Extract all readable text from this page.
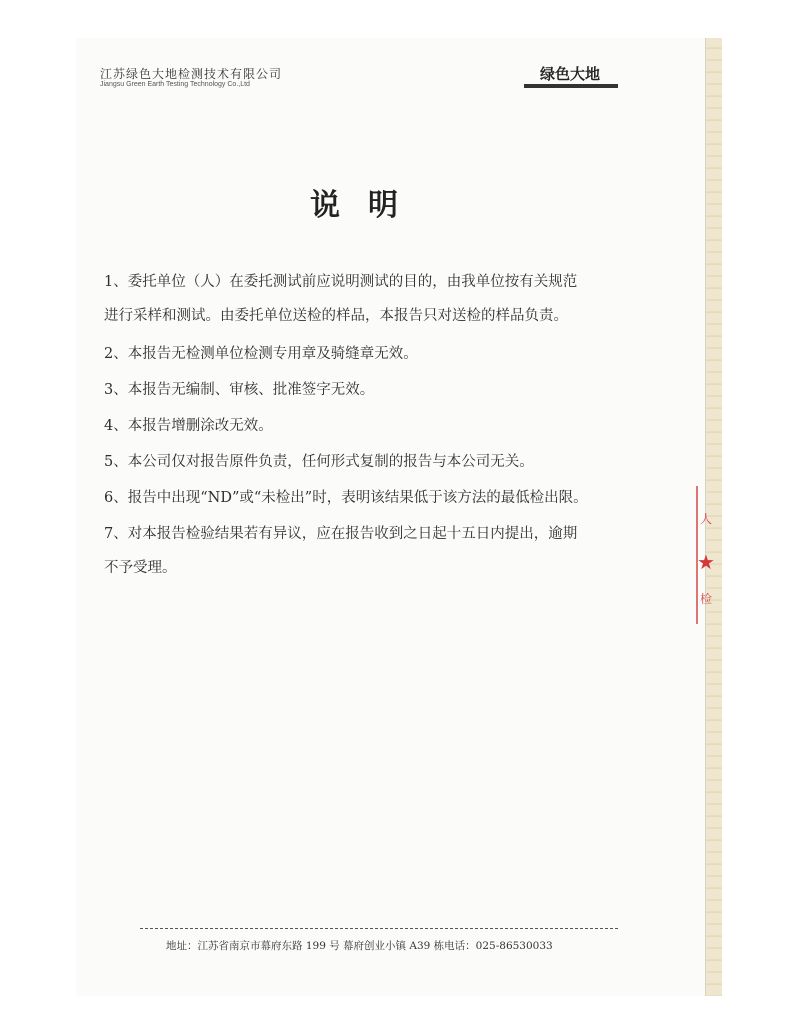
江苏绿色大地检测技术有限公司
Jiangsu Green Earth Testing Technology Co.,Ltd
绿色大地
说明
1、委托单位（人）在委托测试前应说明测试的目的，由我单位按有关规范
进行采样和测试。由委托单位送检的样品，本报告只对送检的样品负责。
2、本报告无检测单位检测专用章及骑缝章无效。
3、本报告无编制、审核、批准签字无效。
4、本报告增删涂改无效。
5、本公司仅对报告原件负责，任何形式复制的报告与本公司无关。
6、报告中出现“ND”或“未检出”时，表明该结果低于该方法的最低检出限。
7、对本报告检验结果若有异议，应在报告收到之日起十五日内提出，逾期
不予受理。
人
★
检
地址：江苏省南京市幕府东路 199 号 幕府创业小镇 A39 栋电话：025-86530033
